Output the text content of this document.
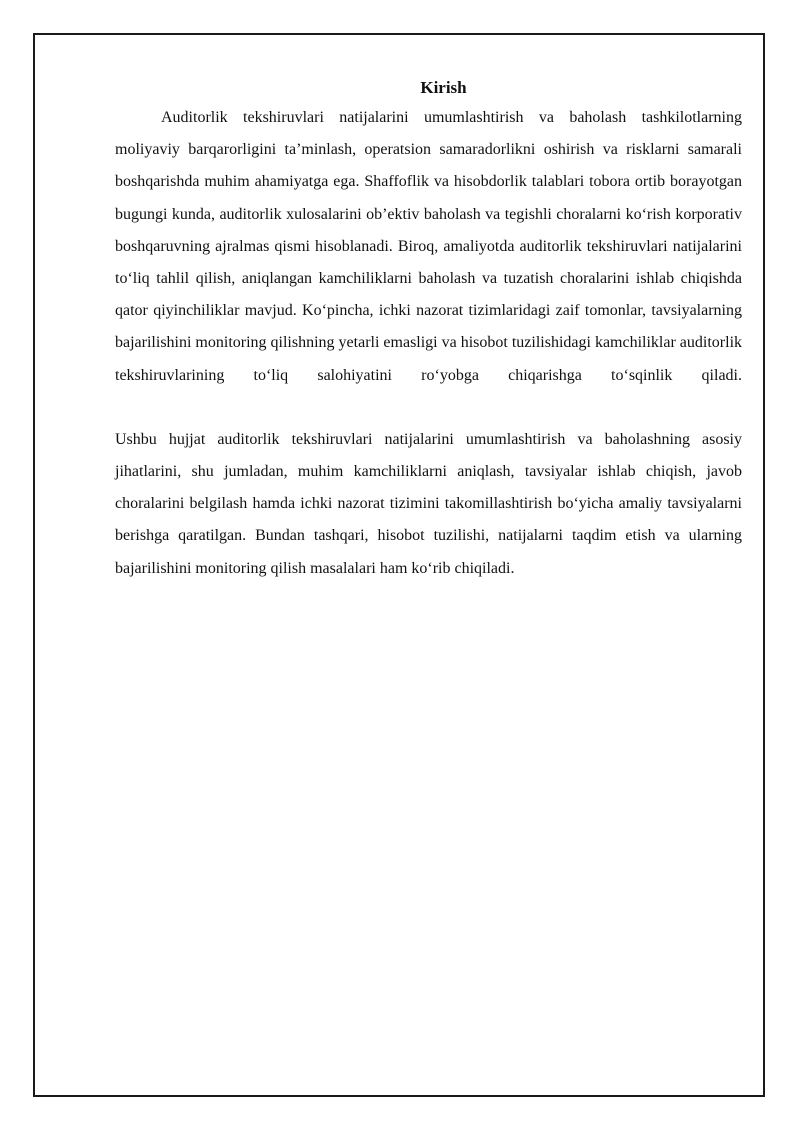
Kirish

Auditorlik tekshiruvlari natijalarini umumlashtirish va baholash tashkilotlarning moliyaviy barqarorligini ta’minlash, operatsion samaradorlikni oshirish va risklarni samarali boshqarishda muhim ahamiyatga ega. Shaffoflik va hisobdorlik talablari tobora ortib borayotgan bugungi kunda, auditorlik xulosalarini ob’ektiv baholash va tegishli choralarni ko‘rish korporativ boshqaruvning ajralmas qismi hisoblanadi. Biroq, amaliyotda auditorlik tekshiruvlari natijalarini to‘liq tahlil qilish, aniqlangan kamchiliklarni baholash va tuzatish choralarini ishlab chiqishda qator qiyinchiliklar mavjud. Ko‘pincha, ichki nazorat tizimlaridagi zaif tomonlar, tavsiyalarning bajarilishini monitoring qilishning yetarli emasligi va hisobot tuzilishidagi kamchiliklar auditorlik tekshiruvlarining to‘liq salohiyatini ro‘yobga chiqarishga to‘sqinlik qiladi.

Ushbu hujjat auditorlik tekshiruvlari natijalarini umumlashtirish va baholashning asosiy jihatlarini, shu jumladan, muhim kamchiliklarni aniqlash, tavsiyalar ishlab chiqish, javob choralarini belgilash hamda ichki nazorat tizimini takomillashtirish bo‘yicha amaliy tavsiyalarni berishga qaratilgan. Bundan tashqari, hisobot tuzilishi, natijalarni taqdim etish va ularning bajarilishini monitoring qilish masalalari ham ko‘rib chiqiladi.
